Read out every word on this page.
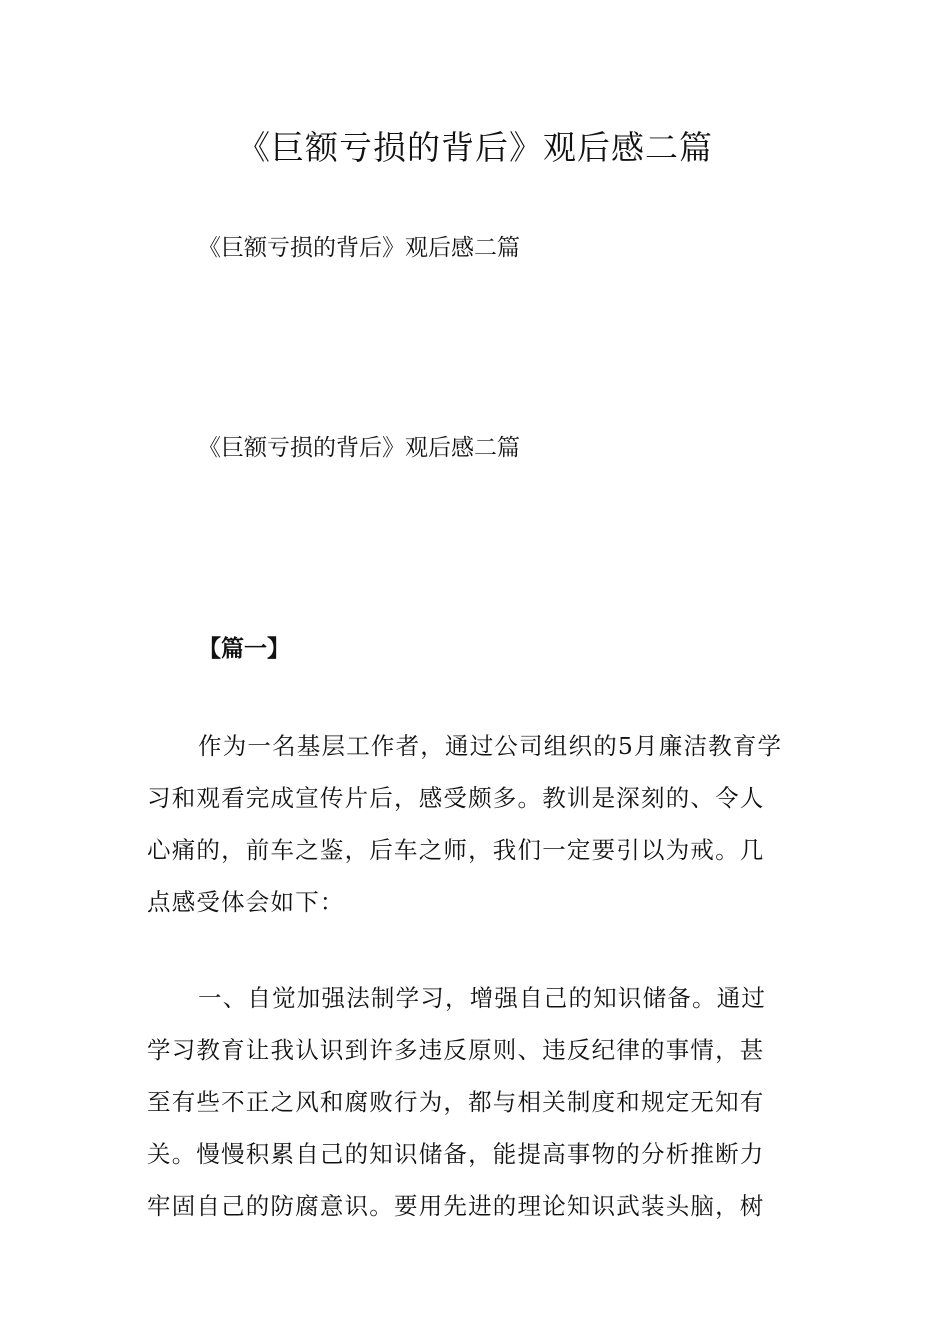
《巨额亏损的背后》观后感二篇
《巨额亏损的背后》观后感二篇
《巨额亏损的背后》观后感二篇
【篇一】
作为一名基层工作者，通过公司组织的5月廉洁教育学
习和观看完成宣传片后，感受颇多。教训是深刻的、令人
心痛的，前车之鉴，后车之师，我们一定要引以为戒。几
点感受体会如下：
一、自觉加强法制学习，增强自己的知识储备。通过
学习教育让我认识到许多违反原则、违反纪律的事情，甚
至有些不正之风和腐败行为，都与相关制度和规定无知有
关。慢慢积累自己的知识储备，能提高事物的分析推断力
牢固自己的防腐意识。要用先进的理论知识武装头脑，树
